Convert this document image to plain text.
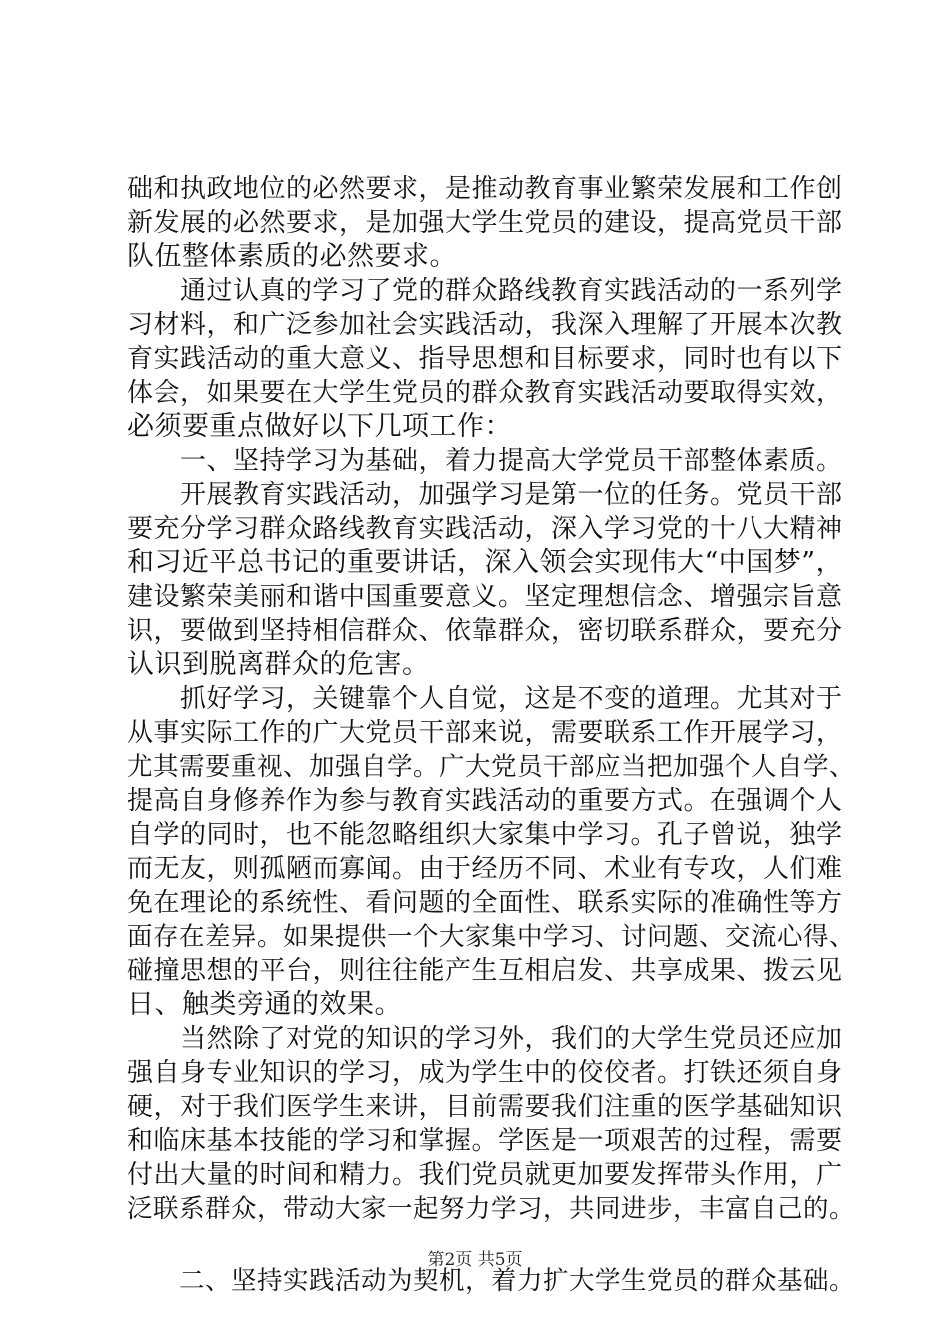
础和执政地位的必然要求，是推动教育事业繁荣发展和工作创
新发展的必然要求，是加强大学生党员的建设，提高党员干部
队伍整体素质的必然要求。
　　通过认真的学习了党的群众路线教育实践活动的一系列学
习材料，和广泛参加社会实践活动，我深入理解了开展本次教
育实践活动的重大意义、指导思想和目标要求，同时也有以下
体会，如果要在大学生党员的群众教育实践活动要取得实效，
必须要重点做好以下几项工作：
　　一、坚持学习为基础，着力提高大学党员干部整体素质。
　　开展教育实践活动，加强学习是第一位的任务。党员干部
要充分学习群众路线教育实践活动，深入学习党的十八大精神
和习近平总书记的重要讲话，深入领会实现伟大“中国梦”，
建设繁荣美丽和谐中国重要意义。坚定理想信念、增强宗旨意
识，要做到坚持相信群众、依靠群众，密切联系群众，要充分
认识到脱离群众的危害。
　　抓好学习，关键靠个人自觉，这是不变的道理。尤其对于
从事实际工作的广大党员干部来说，需要联系工作开展学习，
尤其需要重视、加强自学。广大党员干部应当把加强个人自学、
提高自身修养作为参与教育实践活动的重要方式。在强调个人
自学的同时，也不能忽略组织大家集中学习。孔子曾说，独学
而无友，则孤陋而寡闻。由于经历不同、术业有专攻，人们难
免在理论的系统性、看问题的全面性、联系实际的准确性等方
面存在差异。如果提供一个大家集中学习、讨问题、交流心得、
碰撞思想的平台，则往往能产生互相启发、共享成果、拨云见
日、触类旁通的效果。
　　当然除了对党的知识的学习外，我们的大学生党员还应加
强自身专业知识的学习，成为学生中的佼佼者。打铁还须自身
硬，对于我们医学生来讲，目前需要我们注重的医学基础知识
和临床基本技能的学习和掌握。学医是一项艰苦的过程，需要
付出大量的时间和精力。我们党员就更加要发挥带头作用，广
泛联系群众，带动大家一起努力学习，共同进步，丰富自己的。
　　二、坚持实践活动为契机，着力扩大学生党员的群众基础。
第2页 共5页
